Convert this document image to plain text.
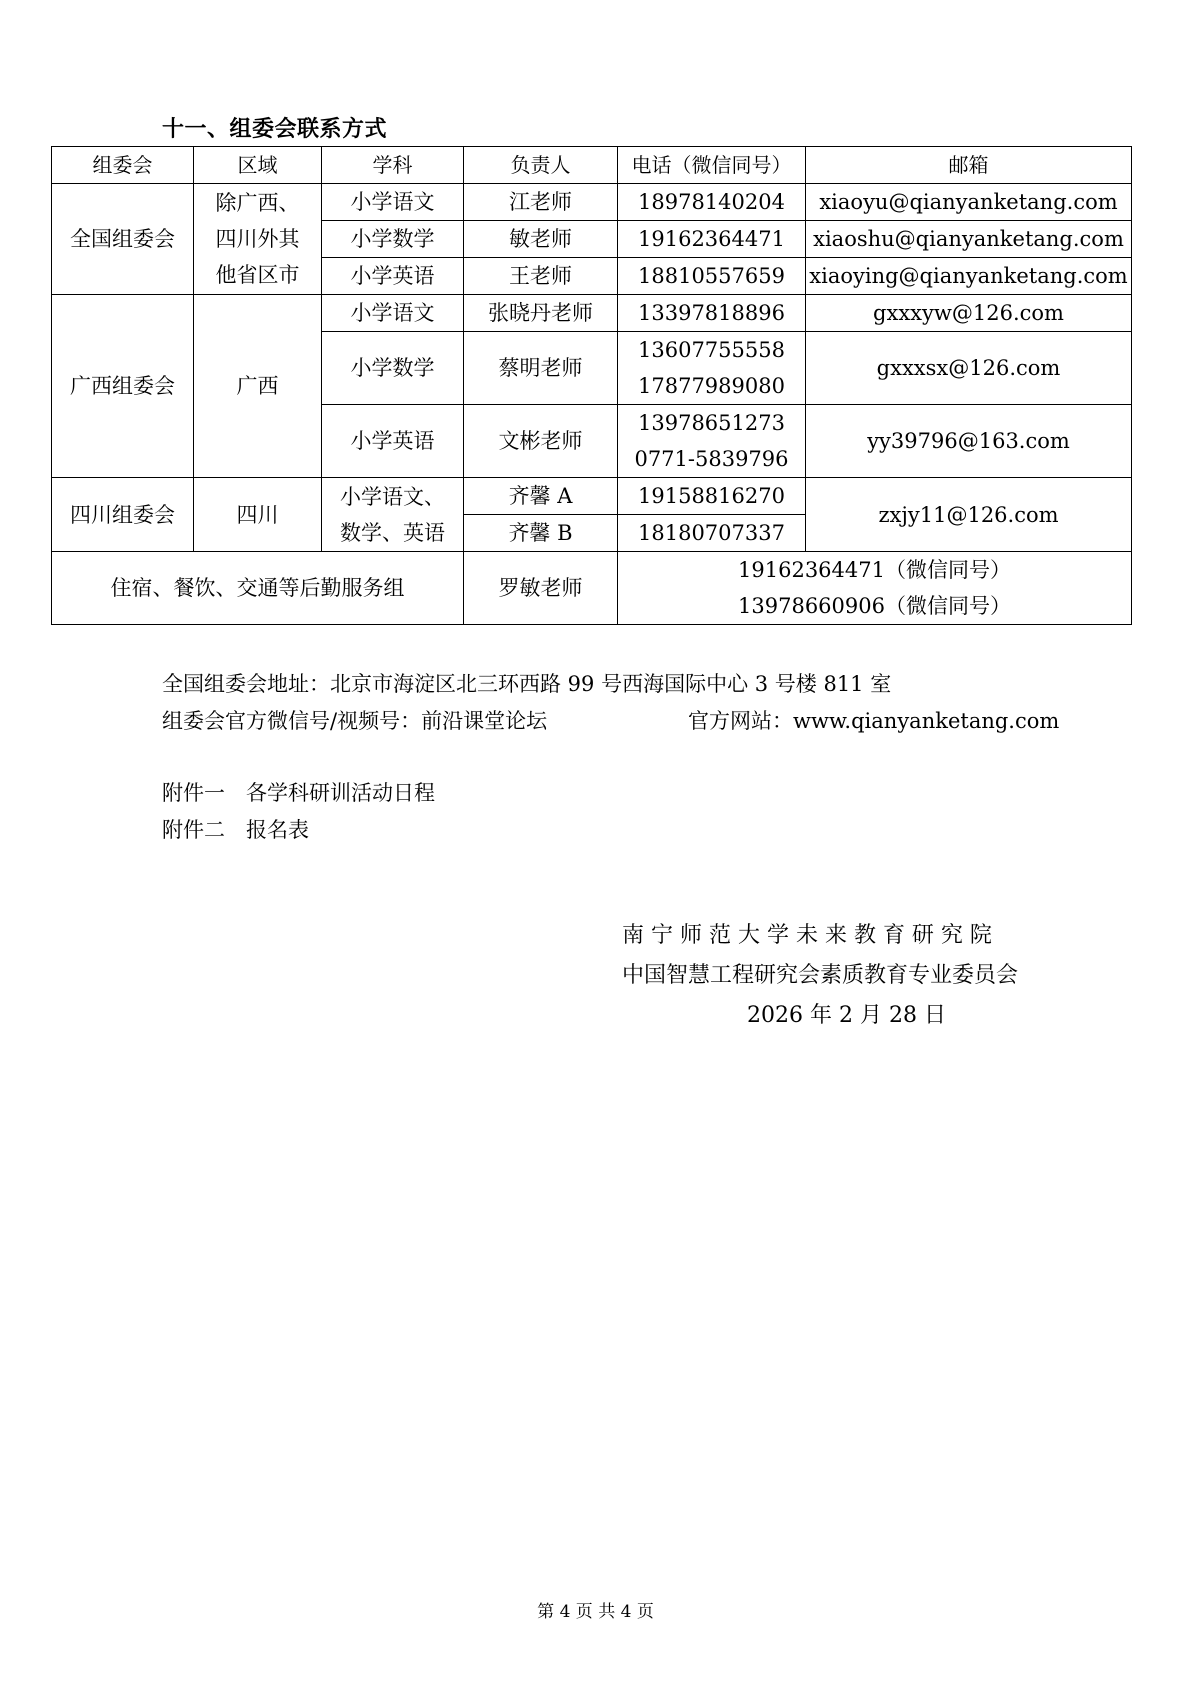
十一、组委会联系方式
组委会	区域	学科	负责人	电话（微信同号）	邮箱
全国组委会	除广西、
四川外其
他省区市	小学语文	江老师	18978140204	xiaoyu@qianyanketang.com
		小学数学	敏老师	19162364471	xiaoshu@qianyanketang.com
		小学英语	王老师	18810557659	xiaoying@qianyanketang.com
广西组委会	广西	小学语文	张晓丹老师	13397818896	gxxxyw@126.com
		小学数学	蔡明老师	13607755558
17877989080	gxxxsx@126.com
		小学英语	文彬老师	13978651273
0771-5839796	yy39796@163.com
四川组委会	四川	小学语文、
数学、英语	齐馨 A	19158816270	zxjy11@126.com
			齐馨 B	18180707337	
住宿、餐饮、交通等后勤服务组			罗敏老师	19162364471（微信同号）
13978660906（微信同号）	
全国组委会地址：北京市海淀区北三环西路 99 号西海国际中心 3 号楼 811 室
组委会官方微信号/视频号：前沿课堂论坛	官方网站：www.qianyanketang.com
附件一　各学科研训活动日程
附件二　报名表
南 宁 师 范 大 学 未 来 教 育 研 究 院
中国智慧工程研究会素质教育专业委员会
2026 年 2 月 28 日
第 4 页 共 4 页
